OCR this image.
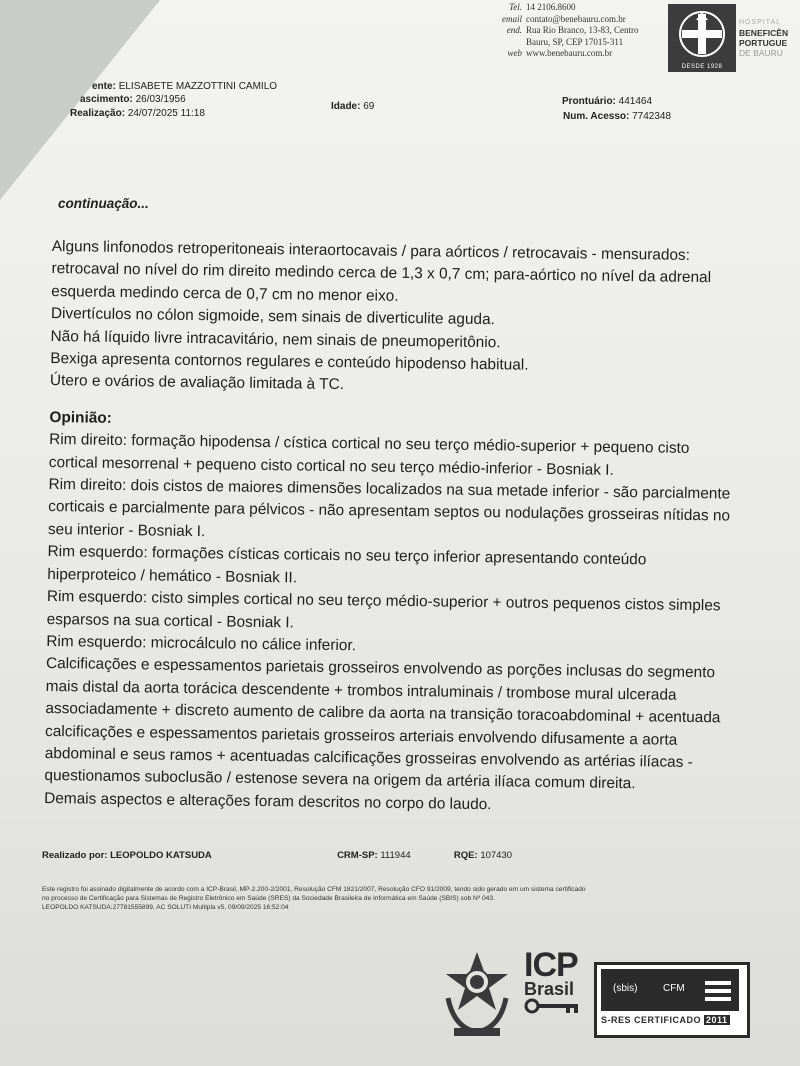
Tel. 14 2106.8600
email contato@benebauru.com.br
end. Rua Rio Branco, 13-83, Centro
Bauru, SP, CEP 17015-311
web www.benebauru.com.br
DESDE 1928
HOSPITAL
BENEFICÊN
PORTUGUE
DE BAURU
ente: ELISABETE MAZZOTTINI CAMILO
ascimento: 26/03/1956
Realização: 24/07/2025 11:18
Idade: 69	Prontuário: 441464
Num. Acesso: 7742348
continuação...
Alguns linfonodos retroperitoneais interaortocavais / para aórticos / retrocavais - mensurados:
retrocaval no nível do rim direito medindo cerca de 1,3 x 0,7 cm; para-aórtico no nível da adrenal
esquerda medindo cerca de 0,7 cm no menor eixo.
Divertículos no cólon sigmoide, sem sinais de diverticulite aguda.
Não há líquido livre intracavitário, nem sinais de pneumoperitônio.
Bexiga apresenta contornos regulares e conteúdo hipodenso habitual.
Útero e ovários de avaliação limitada à TC.
Opinião:
Rim direito: formação hipodensa / cística cortical no seu terço médio-superior + pequeno cisto
cortical mesorrenal + pequeno cisto cortical no seu terço médio-inferior - Bosniak I.
Rim direito: dois cistos de maiores dimensões localizados na sua metade inferior - são parcialmente
corticais e parcialmente para pélvicos - não apresentam septos ou nodulações grosseiras nítidas no
seu interior - Bosniak I.
Rim esquerdo: formações císticas corticais no seu terço inferior apresentando conteúdo
hiperproteico / hemático - Bosniak II.
Rim esquerdo: cisto simples cortical no seu terço médio-superior + outros pequenos cistos simples
esparsos na sua cortical - Bosniak I.
Rim esquerdo: microcálculo no cálice inferior.
Calcificações e espessamentos parietais grosseiros envolvendo as porções inclusas do segmento
mais distal da aorta torácica descendente + trombos intraluminais / trombose mural ulcerada
associadamente + discreto aumento de calibre da aorta na transição toracoabdominal + acentuada
calcificações e espessamentos parietais grosseiros arteriais envolvendo difusamente a aorta
abdominal e seus ramos + acentuadas calcificações grosseiras envolvendo as artérias ilíacas -
questionamos suboclusão / estenose severa na origem da artéria ilíaca comum direita.
Demais aspectos e alterações foram descritos no corpo do laudo.
Realizado por: LEOPOLDO KATSUDA	CRM-SP: 111944	RQE: 107430
Este registro foi assinado digitalmente de acordo com a ICP-Brasil, MP-2.200-2/2001, Resolução CFM 1821/2007, Resolução CFO 91/2009, tendo sido gerado em um sistema certificado
no processo de Certificação para Sistemas de Registro Eletrônico em Saúde (SRES) da Sociedade Brasileira de Informática em Saúde (SBIS) sob Nº 043.
LEOPOLDO KATSUDA:27781555899, AC SOLUTI Multipla v5, 09/09/2025 16:52:04
ICP
Brasil	(sbis)	CFM
S-RES CERTIFICADO 2011
